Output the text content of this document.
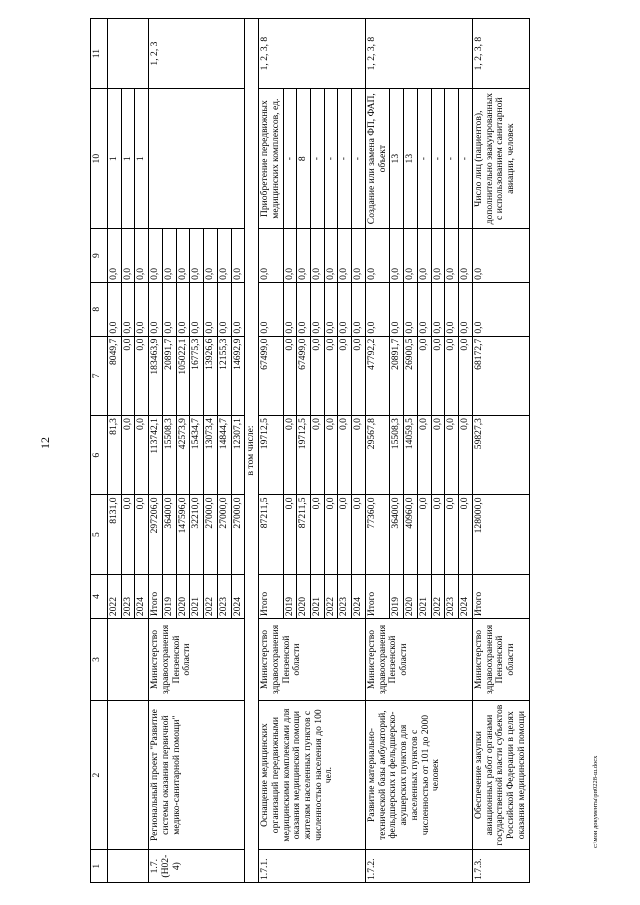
12
1	2	3	4	5	6	7	8	9	10	11
			2022	8131,0	81,3	8049,7	0,0	0,0	1	
			2023	0,0	0,0	0,0	0,0	0,0	1	
			2024	0,0	0,0	0,0	0,0	0,0	1	
1.7. (Н02-4)	Региональный проект "Развитие системы оказания первичной медико-санитарной помощи"	Министерство здравоохранения Пензенской области	Итого	297206,0	113742,1	183463,9	0,0	0,0		1, 2, 3
			2019	36400,0	15508,3	20891,7	0,0	0,0		
			2020	147596,0	42573,9	105022,1	0,0	0,0		
			2021	32210,0	15434,7	16775,3	0,0	0,0		
			2022	27000,0	13073,4	13926,6	0,0	0,0		
			2023	27000,0	14844,7	12155,3	0,0	0,0		
			2024	27000,0	12307,1	14692,9	0,0	0,0		
в том числе:										
1.7.1.	Оснащение медицинских организаций передвижными медицинскими комплексами для оказания медицинской помощи жителям населенных пунктов с численностью населения до 100 чел.	Министерство здравоохранения Пензенской области	Итого	87211,5	19712,5	67499,0	0,0	0,0	Приобретение передвижных медицинских комплексов, ед.	1, 2, 3, 8
			2019	0,0	0,0	0,0	0,0	0,0	-	
			2020	87211,5	19712,5	67499,0	0,0	0,0	8	
			2021	0,0	0,0	0,0	0,0	0,0	-	
			2022	0,0	0,0	0,0	0,0	0,0	-	
			2023	0,0	0,0	0,0	0,0	0,0	-	
			2024	0,0	0,0	0,0	0,0	0,0	-	
1.7.2.	Развитие материально-технической базы амбулаторий, фельдшерских и фельдшерско-акушерских пунктов для населенных пунктов с численностью от 101 до 2000 человек	Министерство здравоохранения Пензенской области	Итого	77360,0	29567,8	47792,2	0,0	0,0	Создание или замена ФП, ФАП, объект	1, 2, 3, 8
			2019	36400,0	15508,3	20891,7	0,0	0,0	13	
			2020	40960,0	14059,5	26900,5	0,0	0,0	13	
			2021	0,0	0,0	0,0	0,0	0,0	-	
			2022	0,0	0,0	0,0	0,0	0,0	-	
			2023	0,0	0,0	0,0	0,0	0,0	-	
			2024	0,0	0,0	0,0	0,0	0,0	-	
1.7.3.	Обеспечение закупки авиационных работ органами государственной власти субъектов Российской Федерации в целях оказания медицинской помощи	Министерство здравоохранения Пензенской области	Итого	128000,0	59827,3	68172,7	0,0	0,0	Число лиц (пациентов), дополнительно эвакуированных с использованием санитарной авиации, человек	1, 2, 3, 8
c:\мои документы\рп0228-ш.docx
